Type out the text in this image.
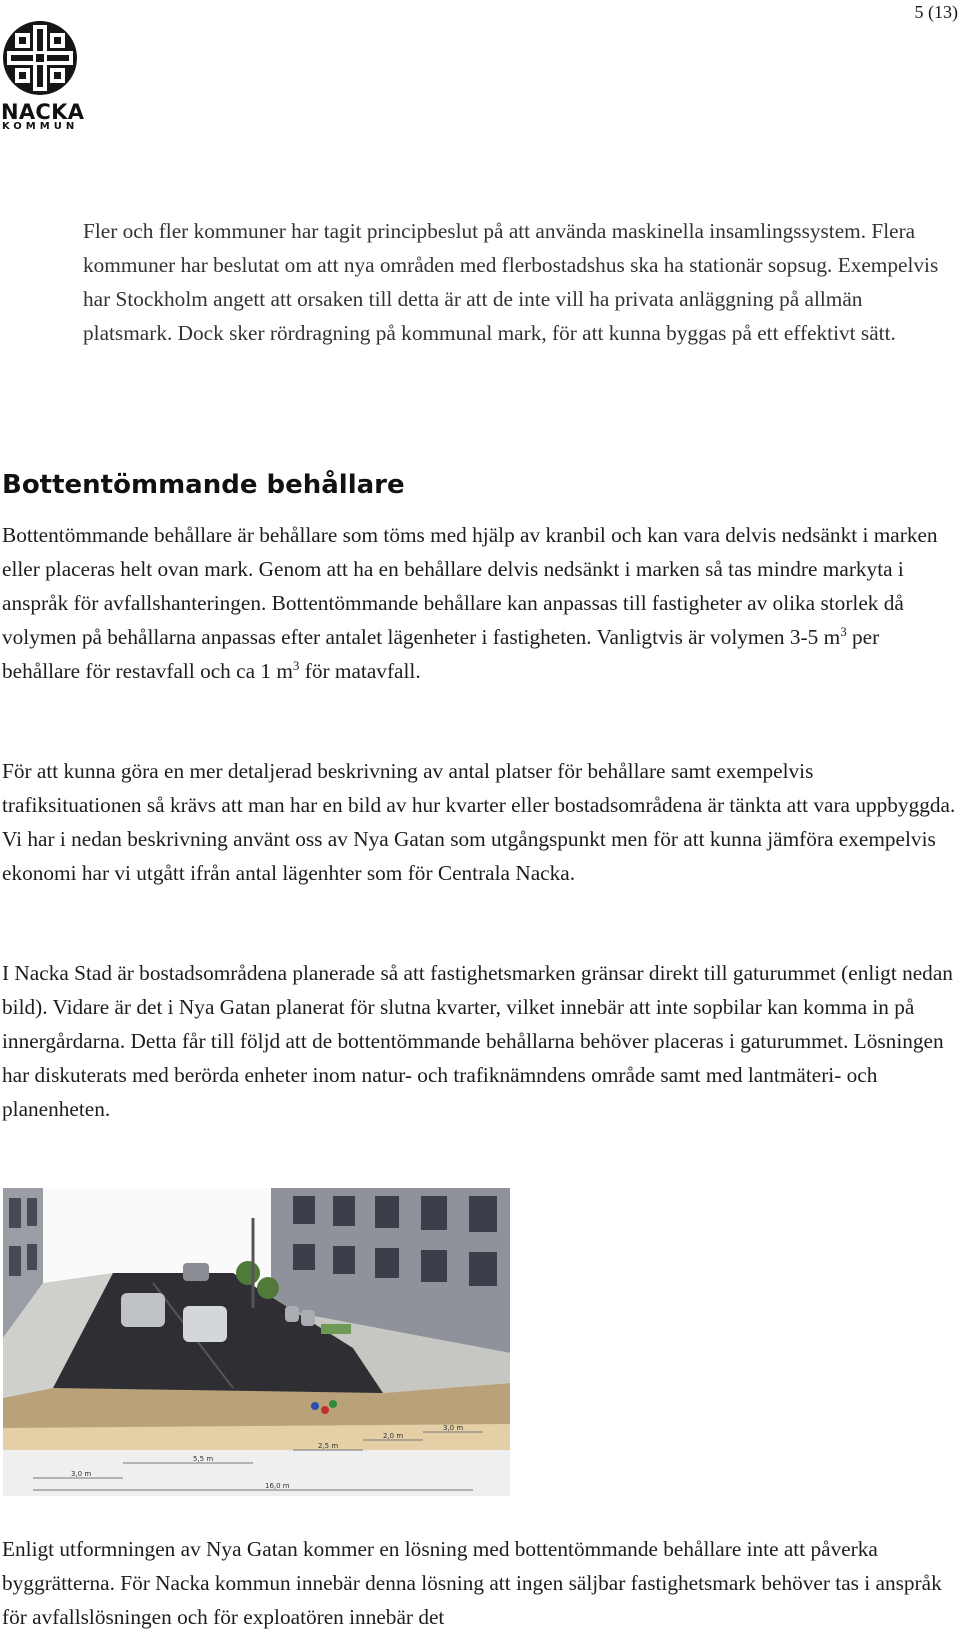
5 (13)
NACKA
KOMMUN

Fler och fler kommuner har tagit principbeslut på att använda maskinella insamlingssystem. Flera kommuner har beslutat om att nya områden med flerbostadshus ska ha stationär sopsug. Exempelvis har Stockholm angett att orsaken till detta är att de inte vill ha privata anläggning på allmän platsmark. Dock sker rördragning på kommunal mark, för att kunna byggas på ett effektivt sätt.

Bottentömmande behållare

Bottentömmande behållare är behållare som töms med hjälp av kranbil och kan vara delvis nedsänkt i marken eller placeras helt ovan mark. Genom att ha en behållare delvis nedsänkt i marken så tas mindre markyta i anspråk för avfallshanteringen. Bottentömmande behållare kan anpassas till fastigheter av olika storlek då volymen på behållarna anpassas efter antalet lägenheter i fastigheten. Vanligtvis är volymen 3-5 $m^3$ per behållare för restavfall och ca 1 $m^3$ för matavfall.

För att kunna göra en mer detaljerad beskrivning av antal platser för behållare samt exempelvis trafiksituationen så krävs att man har en bild av hur kvarter eller bostadsområdena är tänkta att vara uppbyggda. Vi har i nedan beskrivning använt oss av Nya Gatan som utgångspunkt men för att kunna jämföra exempelvis ekonomi har vi utgått ifrån antal lägenhter som för Centrala Nacka.

I Nacka Stad är bostadsområdena planerade så att fastighetsmarken gränsar direkt till gaturummet (enligt nedan bild). Vidare är det i Nya Gatan planerat för slutna kvarter, vilket innebär att inte sopbilar kan komma in på innergårdarna. Detta får till följd att de bottentömmande behållarna behöver placeras i gaturummet. Lösningen har diskuterats med berörda enheter inom natur- och trafiknämndens område samt med lantmäteri- och planenheten.

3,0 m
5,5 m
16,0 m
2,5 m
2,0 m
3,0 m

Enligt utformningen av Nya Gatan kommer en lösning med bottentömmande behållare inte att påverka byggrätterna. För Nacka kommun innebär denna lösning att ingen säljbar fastighetsmark behöver tas i anspråk för avfallslösningen och för exploatören innebär det
